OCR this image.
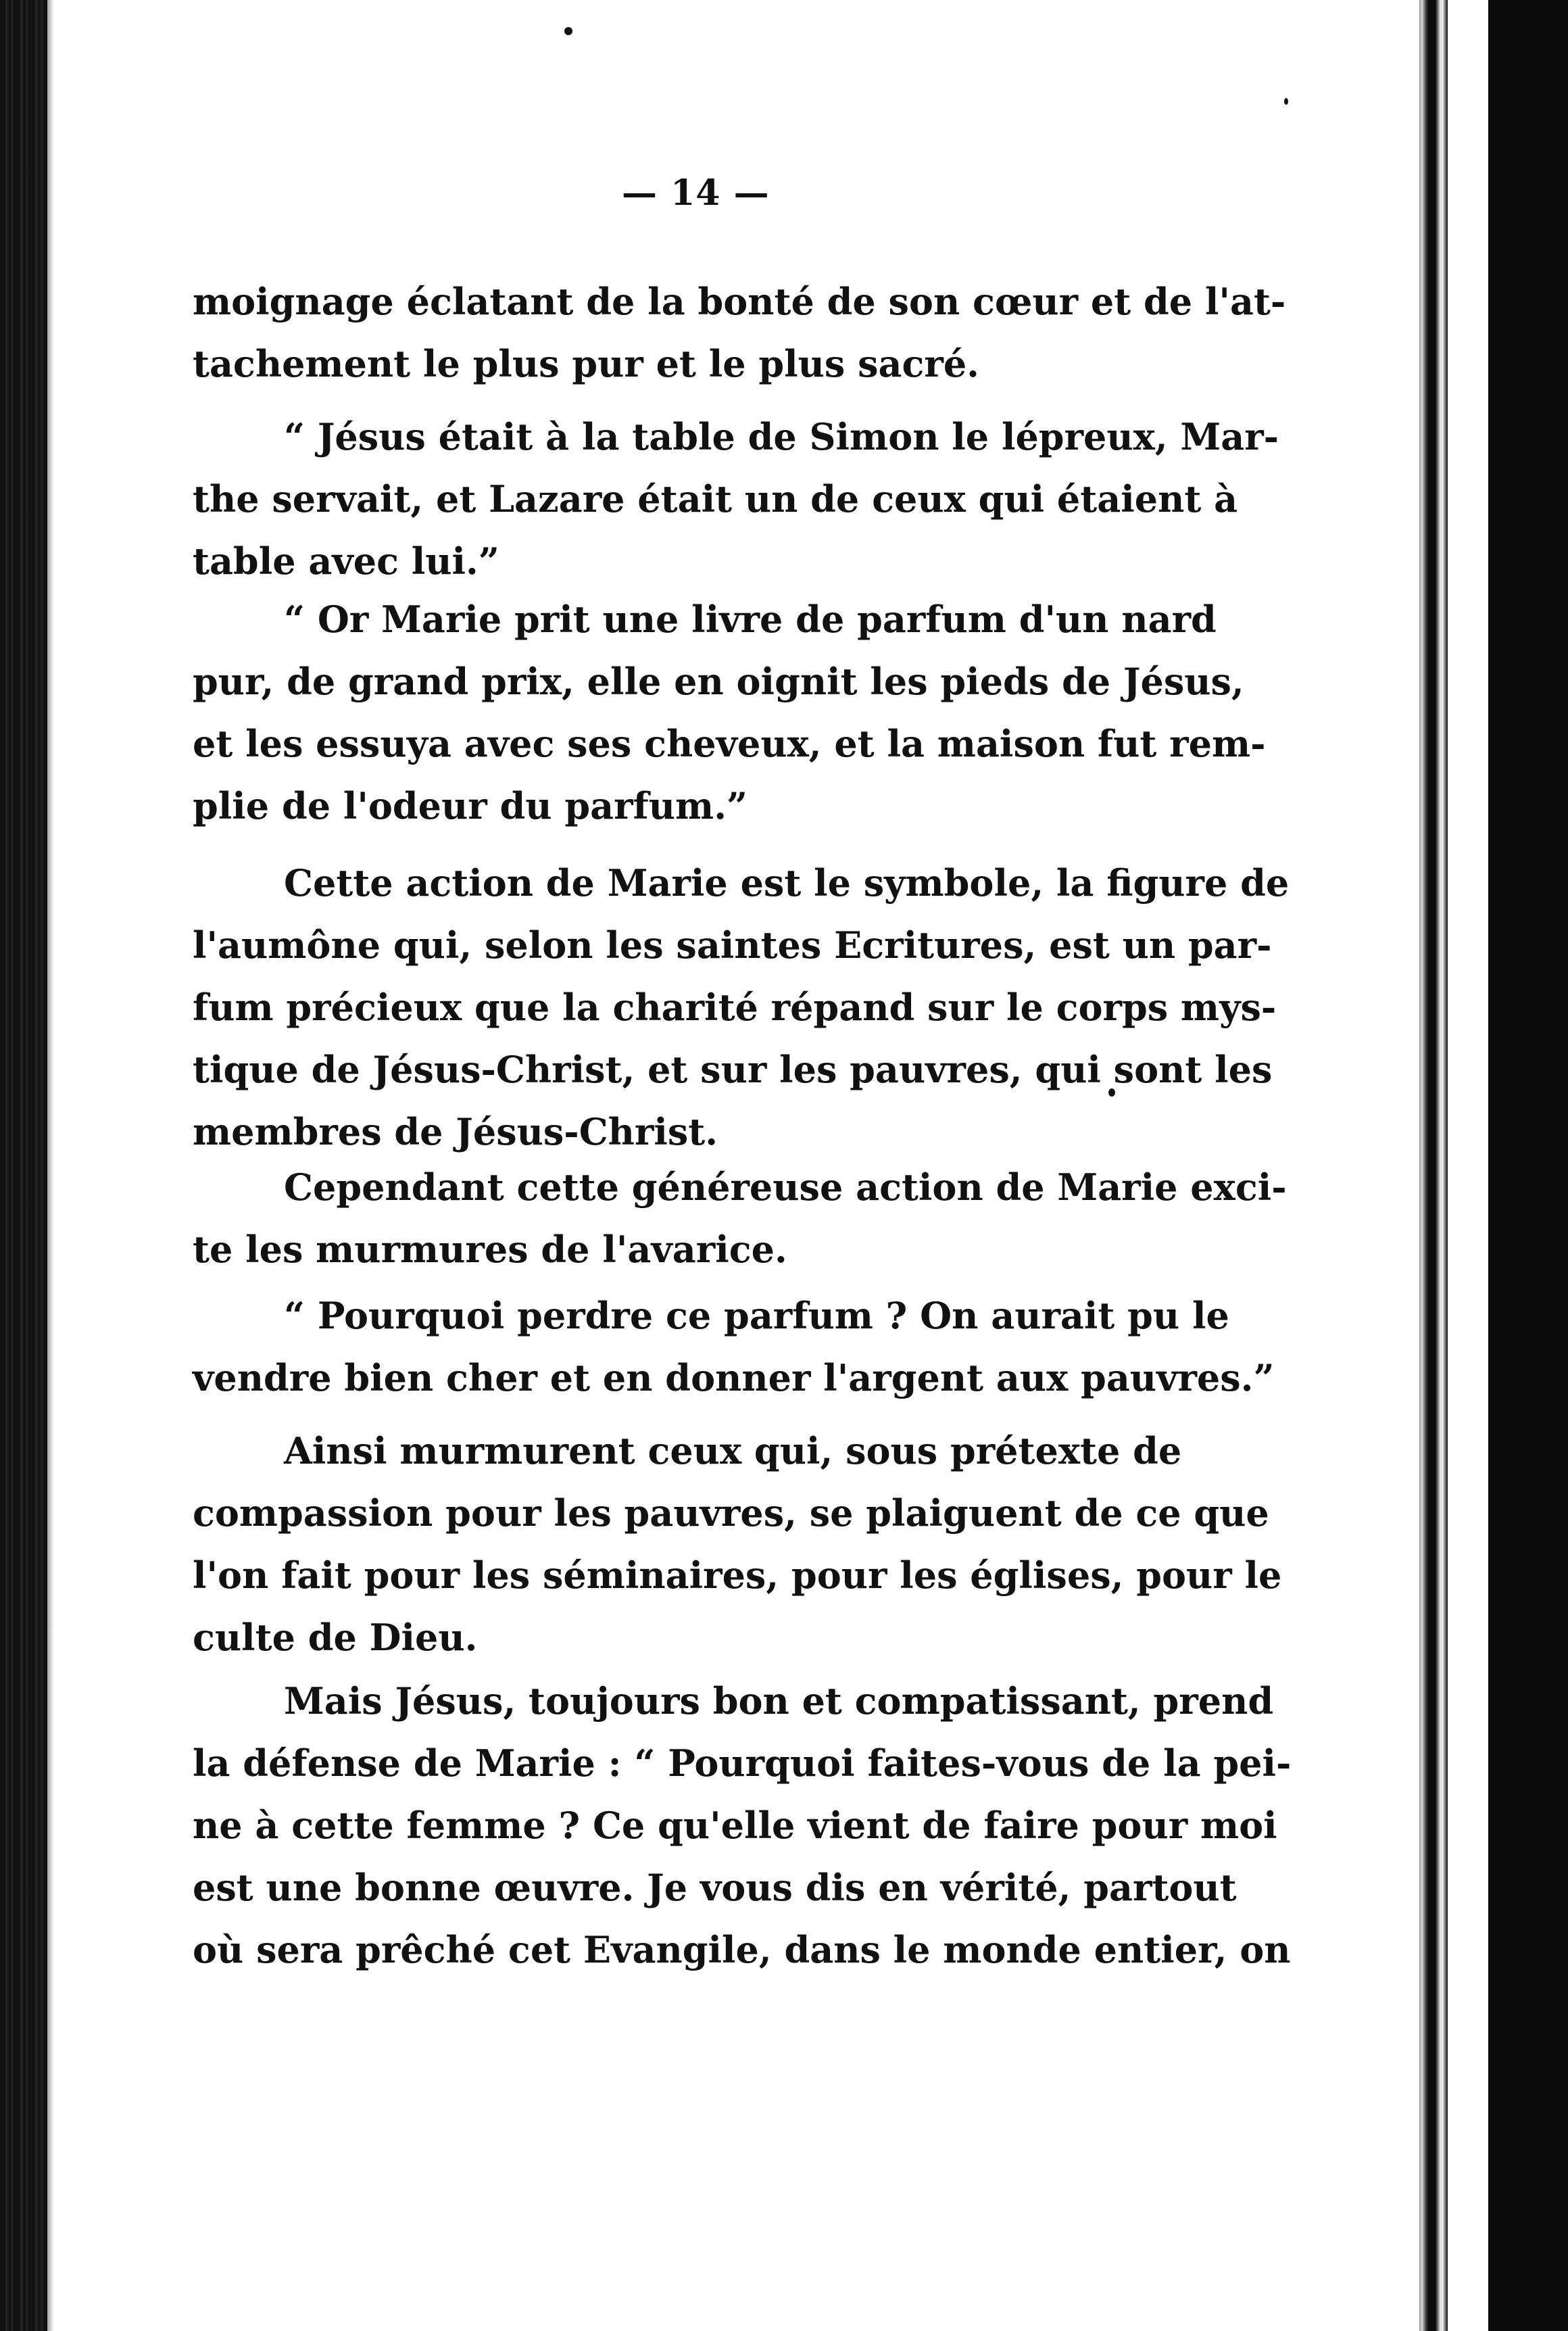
— 14 —
moignage éclatant de la bonté de son cœur et de l'at-
tachement le plus pur et le plus sacré.
“ Jésus était à la table de Simon le lépreux, Mar-
the servait, et Lazare était un de ceux qui étaient à
table avec lui.”
“ Or Marie prit une livre de parfum d'un nard
pur, de grand prix, elle en oignit les pieds de Jésus,
et les essuya avec ses cheveux, et la maison fut rem-
plie de l'odeur du parfum.”
Cette action de Marie est le symbole, la figure de
l'aumône qui, selon les saintes Ecritures, est un par-
fum précieux que la charité répand sur le corps mys-
tique de Jésus-Christ, et sur les pauvres, qui sont les
membres de Jésus-Christ.
Cependant cette généreuse action de Marie exci-
te les murmures de l'avarice.
“ Pourquoi perdre ce parfum ? On aurait pu le
vendre bien cher et en donner l'argent aux pauvres.”
Ainsi murmurent ceux qui, sous prétexte de
compassion pour les pauvres, se plaiguent de ce que
l'on fait pour les séminaires, pour les églises, pour le
culte de Dieu.
Mais Jésus, toujours bon et compatissant, prend
la défense de Marie : “ Pourquoi faites-vous de la pei-
ne à cette femme ? Ce qu'elle vient de faire pour moi
est une bonne œuvre. Je vous dis en vérité, partout
où sera prêché cet Evangile, dans le monde entier, on
